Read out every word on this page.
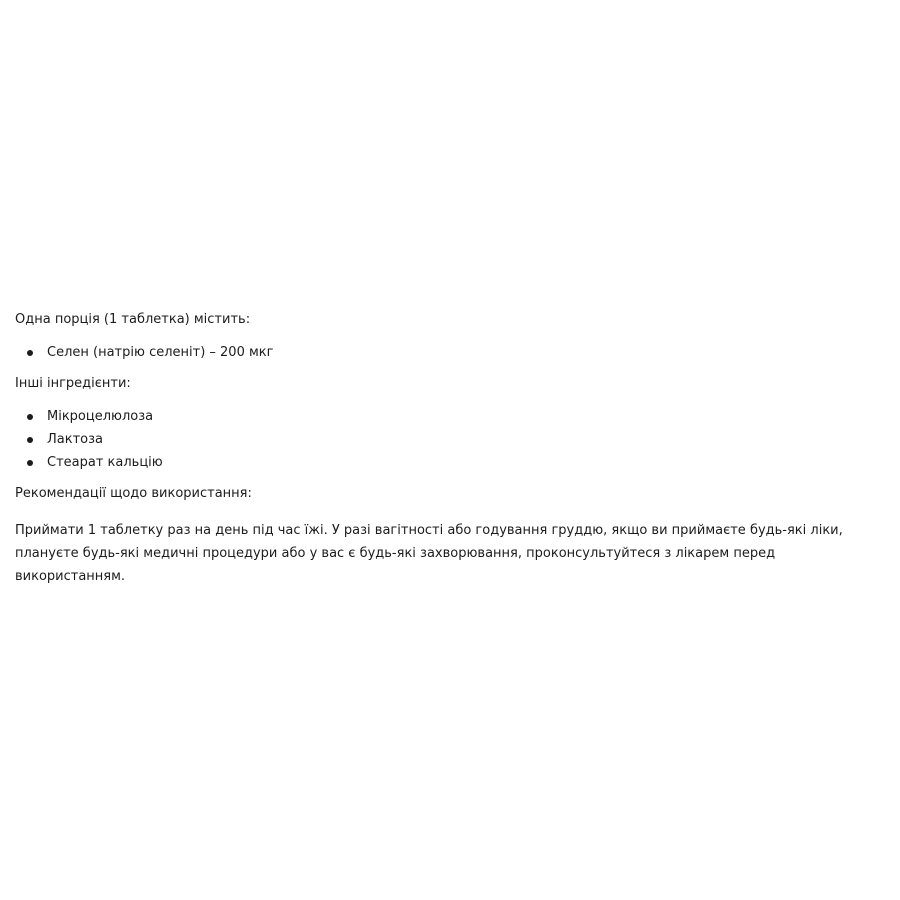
Одна порція (1 таблетка) містить:

Селен (натрію селеніт) – 200 мкг

Інші інгредієнти:

Мікроцелюлоза
Лактоза
Стеарат кальцію

Рекомендації щодо використання:

Приймати 1 таблетку раз на день під час їжі. У разі вагітності або годування груддю, якщо ви приймаєте будь-які ліки, плануєте будь-які медичні процедури або у вас є будь-які захворювання, проконсультуйтеся з лікарем перед використанням.
